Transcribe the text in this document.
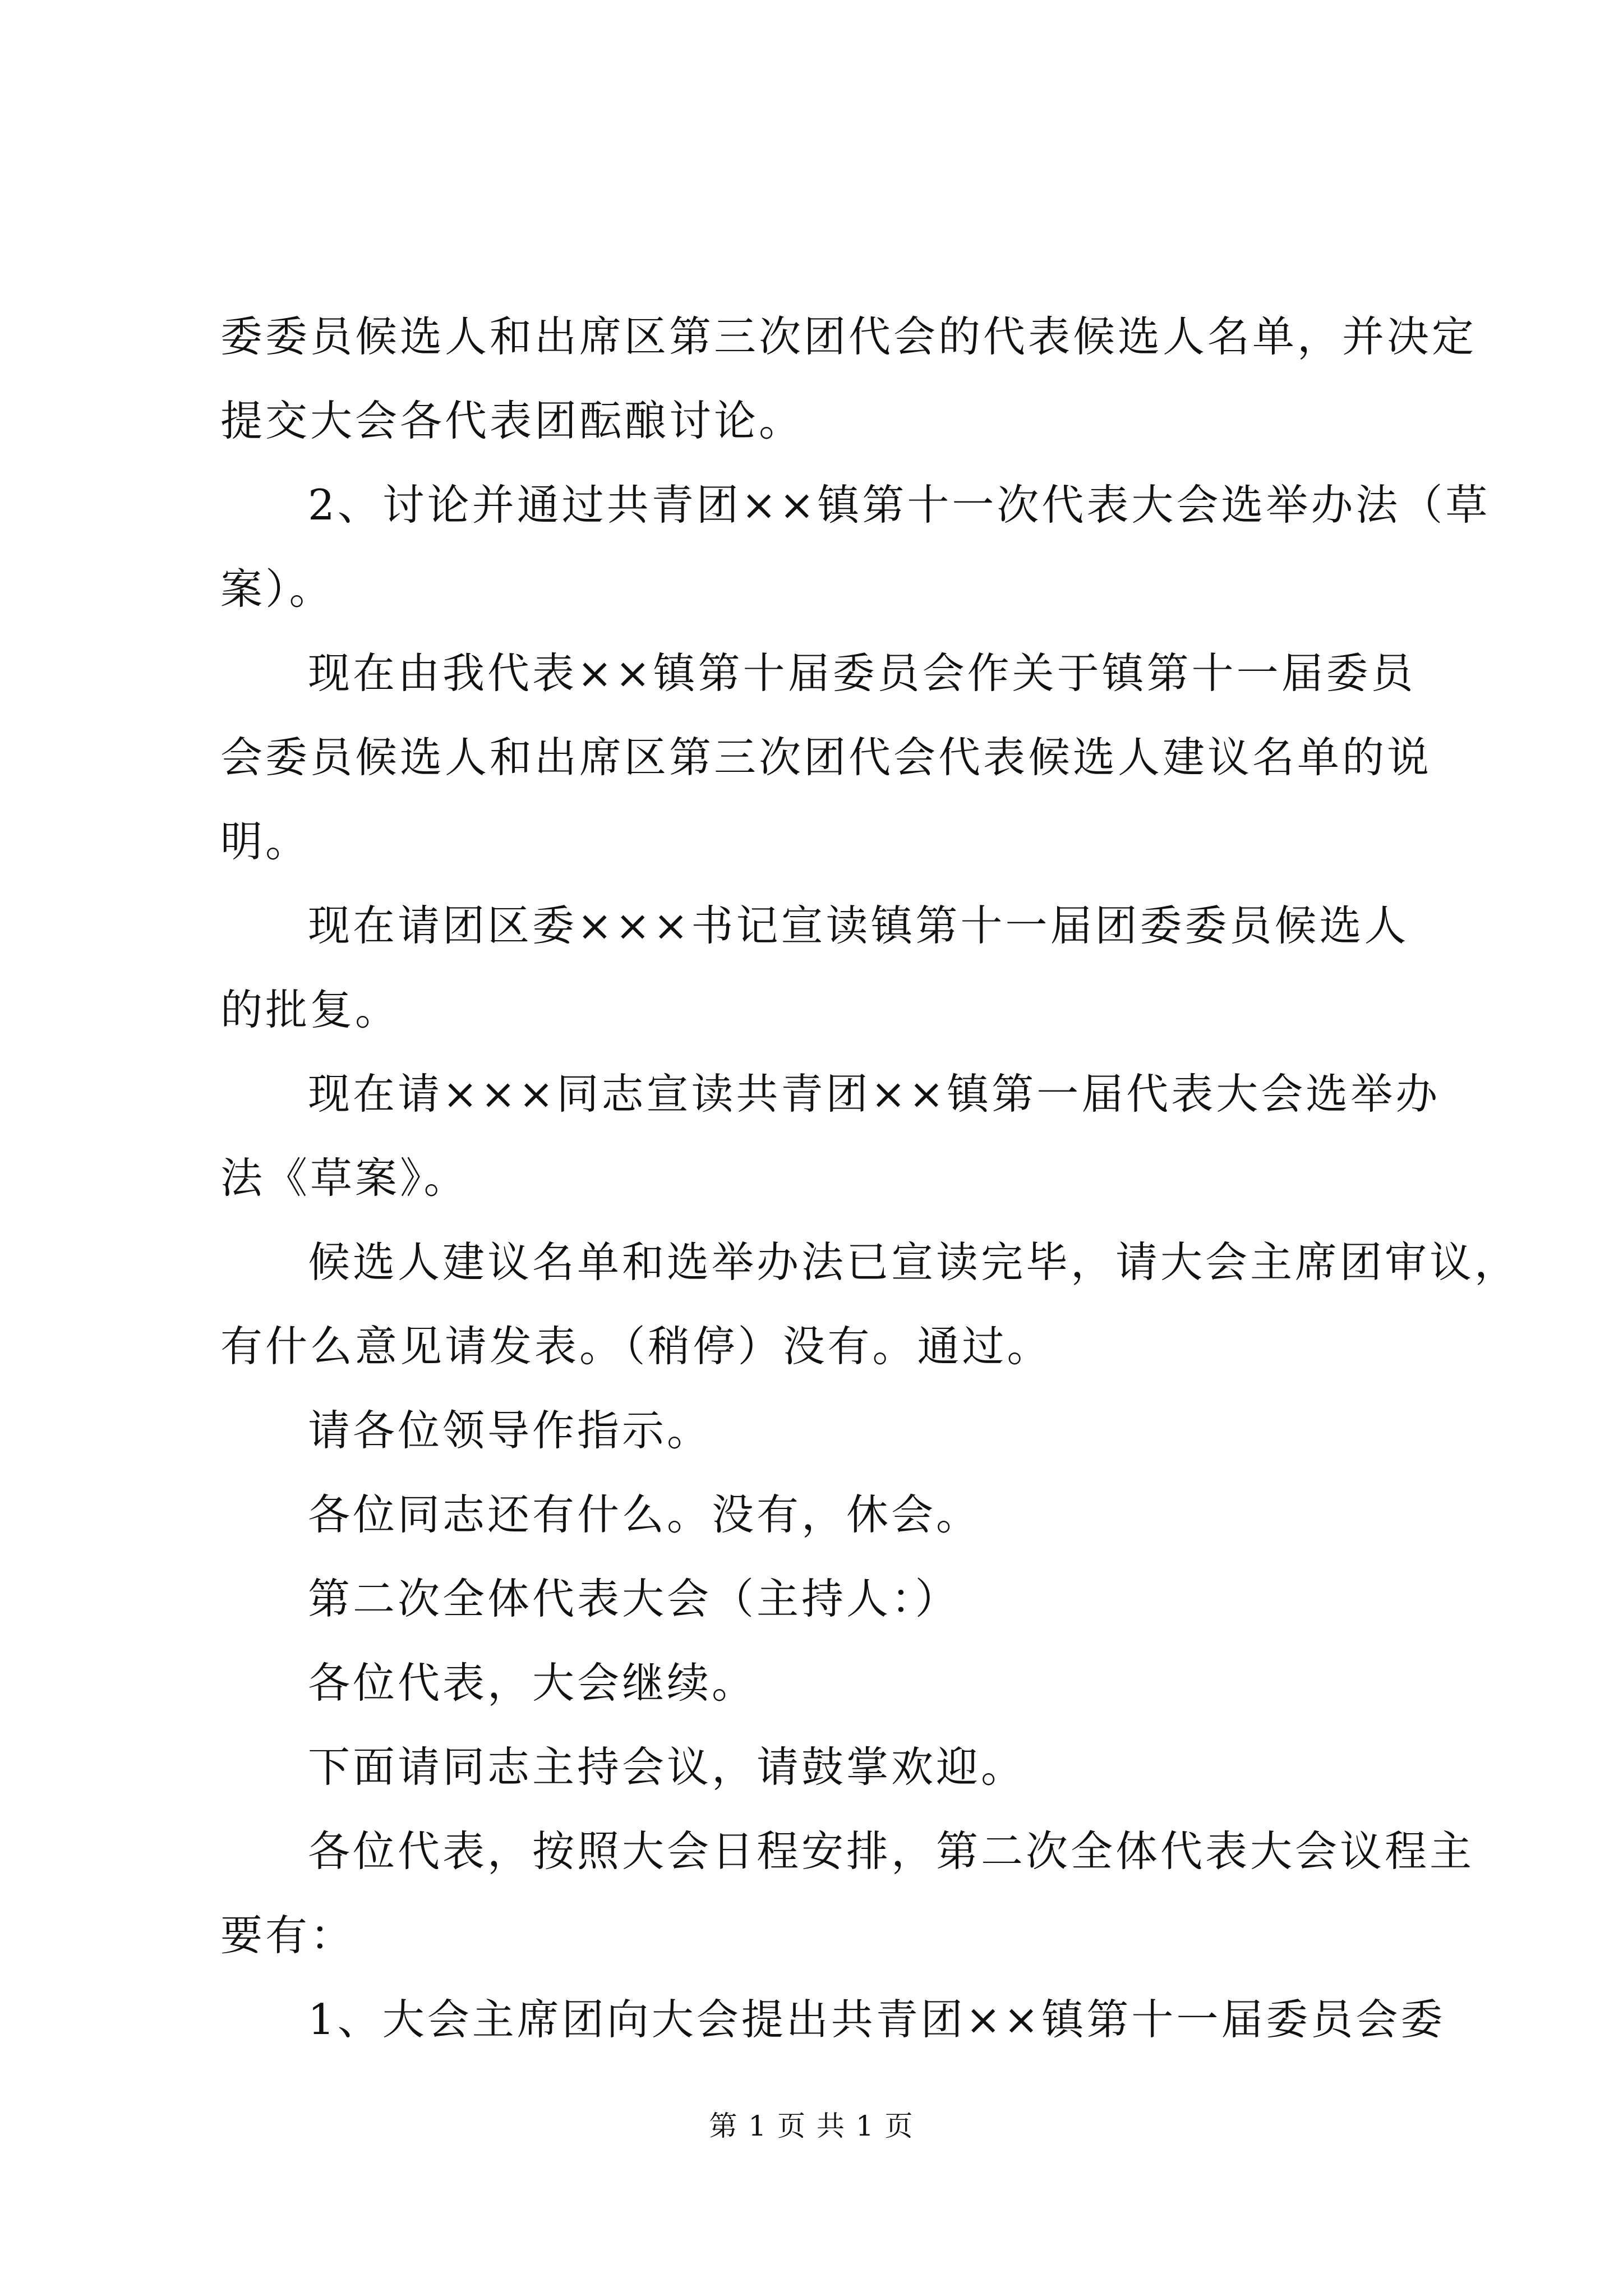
委委员候选人和出席区第三次团代会的代表候选人名单，并决定
提交大会各代表团酝酿讨论。
2、讨论并通过共青团××镇第十一次代表大会选举办法（草
案）。
现在由我代表××镇第十届委员会作关于镇第十一届委员
会委员候选人和出席区第三次团代会代表候选人建议名单的说
明。
现在请团区委×××书记宣读镇第十一届团委委员候选人
的批复。
现在请×××同志宣读共青团××镇第一届代表大会选举办
法《草案》。
候选人建议名单和选举办法已宣读完毕，请大会主席团审议，
有什么意见请发表。（稍停）没有。通过。
请各位领导作指示。
各位同志还有什么。没有，休会。
第二次全体代表大会（主持人：）
各位代表，大会继续。
下面请同志主持会议，请鼓掌欢迎。
各位代表，按照大会日程安排，第二次全体代表大会议程主
要有：
1、大会主席团向大会提出共青团××镇第十一届委员会委
第 1 页 共 1 页
